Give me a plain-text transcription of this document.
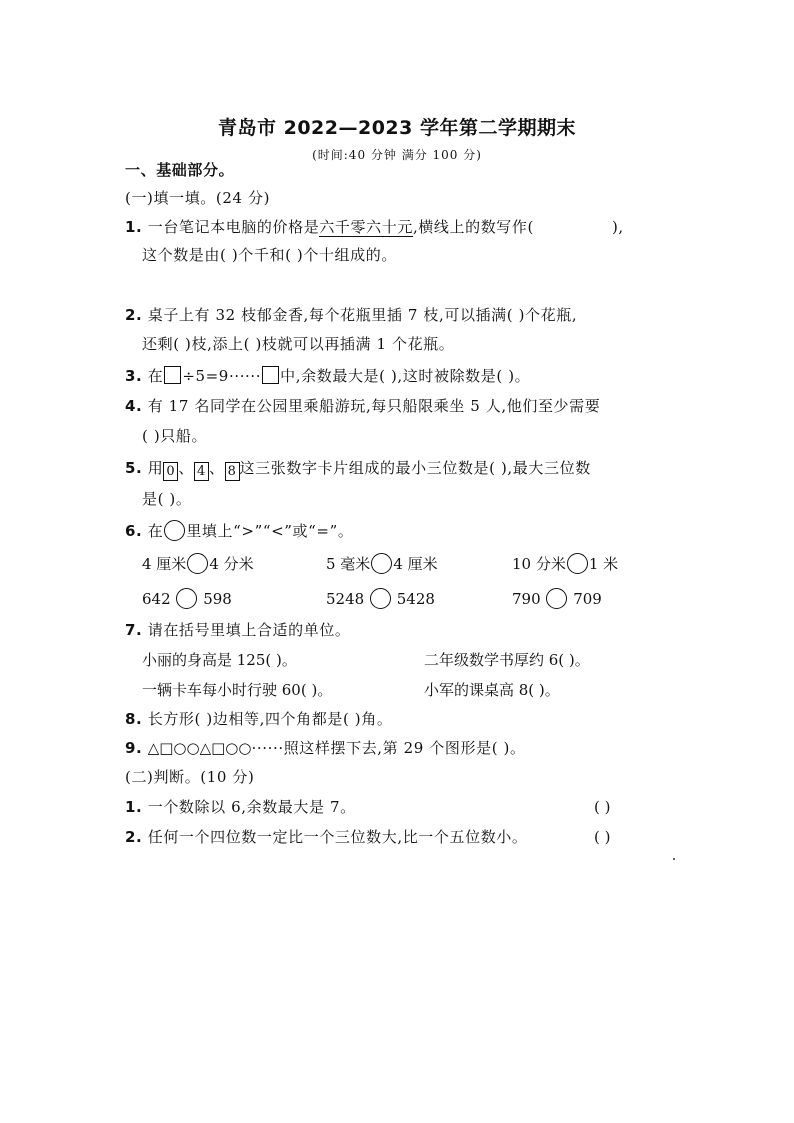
青岛市 2022—2023 学年第二学期期末
(时间:40 分钟 满分 100 分)
一、基础部分。
(一)填一填。(24 分)
1. 一台笔记本电脑的价格是六千零六十元,横线上的数写作(	),
这个数是由( )个千和( )个十组成的。
2. 桌子上有 32 枝郁金香,每个花瓶里插 7 枝,可以插满( )个花瓶,
还剩( )枝,添上( )枝就可以再插满 1 个花瓶。
3. 在 ÷5=9······ 中,余数最大是( ),这时被除数是( )。
4. 有 17 名同学在公园里乘船游玩,每只船限乘坐 5 人,他们至少需要
( )只船。
5. 用 0 、 4 、 8 这三张数字卡片组成的最小三位数是( ),最大三位数
是( )。
6. 在 里填上“>”“<”或“=”。
4 厘米 4 分米	5 毫米 4 厘米	10 分米 1 米
642 598	5248 5428	790 709
7. 请在括号里填上合适的单位。
小丽的身高是 125( )。	二年级数学书厚约 6( )。
一辆卡车每小时行驶 60( )。	小军的课桌高 8( )。
8. 长方形( )边相等,四个角都是( )角。
9. △□○○△□○○······照这样摆下去,第 29 个图形是( )。
(二)判断。(10 分)
1. 一个数除以 6,余数最大是 7。	( )
2. 任何一个四位数一定比一个三位数大,比一个五位数小。	( )
